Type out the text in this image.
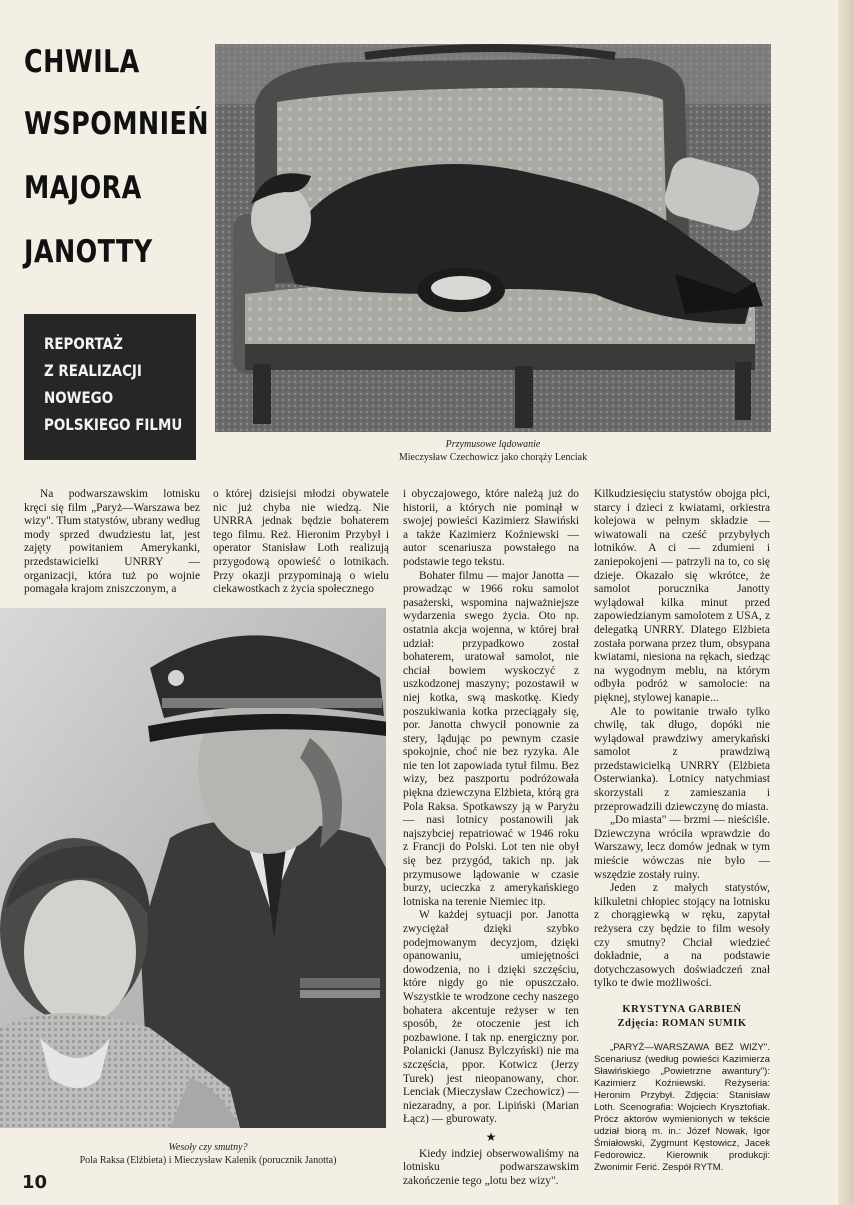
CHWILA
WSPOMNIEŃ
MAJORA
JANOTTY
REPORTAŻ
Z REALIZACJI
NOWEGO
POLSKIEGO FILMU
Przymusowe lądowanie
Mieczysław Czechowicz jako chorąży Lenciak
Wesoły czy smutny?
Pola Raksa (Elżbieta) i Mieczysław Kalenik (porucznik Janotta)

Na podwarszawskim lotnisku kręci się film „Paryż—Warszawa bez wizy". Tłum statystów, ubrany według mody sprzed dwudziestu lat, jest zajęty powitaniem Amerykanki, przedstawicielki UNRRY — organizacji, która tuż po wojnie pomagała krajom zniszczonym, a

o której dzisiejsi młodzi obywatele nic już chyba nie wiedzą. Nie UNRRA jednak będzie bohaterem tego filmu. Reż. Hieronim Przybył i operator Stanisław Loth realizują przygodową opowieść o lotnikach. Przy okazji przypominają o wielu ciekawostkach z życia społecznego

i obyczajowego, które należą już do historii, a których nie pominął w swojej powieści Kazimierz Sławiński a także Kazimierz Koźniewski — autor scenariusza powstałego na podstawie tego tekstu.

Bohater filmu — major Janotta — prowadząc w 1966 roku samolot pasażerski, wspomina najważniejsze wydarzenia swego życia. Oto np. ostatnia akcja wojenna, w której brał udział: przypadkowo został bohaterem, uratował samolot, nie chciał bowiem wyskoczyć z uszkodzonej maszyny; pozostawił w niej kotka, swą maskotkę. Kiedy poszukiwania kotka przeciągały się, por. Janotta chwycił ponownie za stery, lądując po pewnym czasie spokojnie, choć nie bez ryzyka. Ale nie ten lot zapowiada tytuł filmu. Bez wizy, bez paszportu podróżowała piękna dziewczyna Elżbieta, którą gra Pola Raksa. Spotkawszy ją w Paryżu — nasi lotnicy postanowili jak najszybciej repatriować w 1946 roku z Francji do Polski. Lot ten nie obył się bez przygód, takich np. jak przymusowe lądowanie w czasie burzy, ucieczka z amerykańskiego lotniska na terenie Niemiec itp.

W każdej sytuacji por. Janotta zwyciężał dzięki szybko podejmowanym decyzjom, dzięki opanowaniu, umiejętności dowodzenia, no i dzięki szczęściu, które nigdy go nie opuszczało. Wszystkie te wrodzone cechy naszego bohatera akcentuje reżyser w ten sposób, że otoczenie jest ich pozbawione. I tak np. energiczny por. Polanicki (Janusz Bylczyński) nie ma szczęścia, ppor. Kotwicz (Jerzy Turek) jest nieopanowany, chor. Lenciak (Mieczysław Czechowicz) — niezaradny, a por. Lipiński (Marian Łącz) — gburowaty.

★

Kiedy indziej obserwowaliśmy na lotnisku podwarszawskim zakończenie tego „lotu bez wizy".

Kilkudziesięciu statystów obojga płci, starcy i dzieci z kwiatami, orkiestra kolejowa w pełnym składzie — wiwatowali na cześć przybyłych lotników. A ci — zdumieni i zaniepokojeni — patrzyli na to, co się dzieje. Okazało się wkrótce, że samolot porucznika Janotty wylądował kilka minut przed zapowiedzianym samolotem z USA, z delegatką UNRRY. Dlatego Elżbieta została porwana przez tłum, obsypana kwiatami, niesiona na rękach, siedząc na wygodnym meblu, na którym odbyła podróż w samolocie: na pięknej, stylowej kanapie...

Ale to powitanie trwało tylko chwilę, tak długo, dopóki nie wylądował prawdziwy amerykański samolot z prawdziwą przedstawicielką UNRRY (Elżbieta Osterwianka). Lotnicy natychmiast skorzystali z zamieszania i przeprowadzili dziewczynę do miasta.

„Do miasta" — brzmi — nieściśle. Dziewczyna wróciła wprawdzie do Warszawy, lecz domów jednak w tym mieście wówczas nie było — wszędzie zostały ruiny.

Jeden z małych statystów, kilkuletni chłopiec stojący na lotnisku z chorągiewką w ręku, zapytał reżysera czy będzie to film wesoły czy smutny? Chciał wiedzieć dokładnie, a na podstawie dotychczasowych doświadczeń znał tylko te dwie możliwości.

KRYSTYNA GARBIEŃ
Zdjęcia: ROMAN SUMIK

„PARYŻ—WARSZAWA BEZ WIZY". Scenariusz (według powieści Kazimierza Sławińskiego „Powietrzne awantury"): Kazimierz Koźniewski. Reżyseria: Heronim Przybył. Zdjęcia: Stanisław Loth. Scenografia: Wojciech Krysztofiak. Prócz aktorów wymienionych w tekście udział biorą m. in.: Józef Nowak, Igor Śmiałowski, Zygmunt Kęstowicz, Jacek Fedorowicz. Kierownik produkcji: Zwonimir Ferić. Zespół RYTM.

10
